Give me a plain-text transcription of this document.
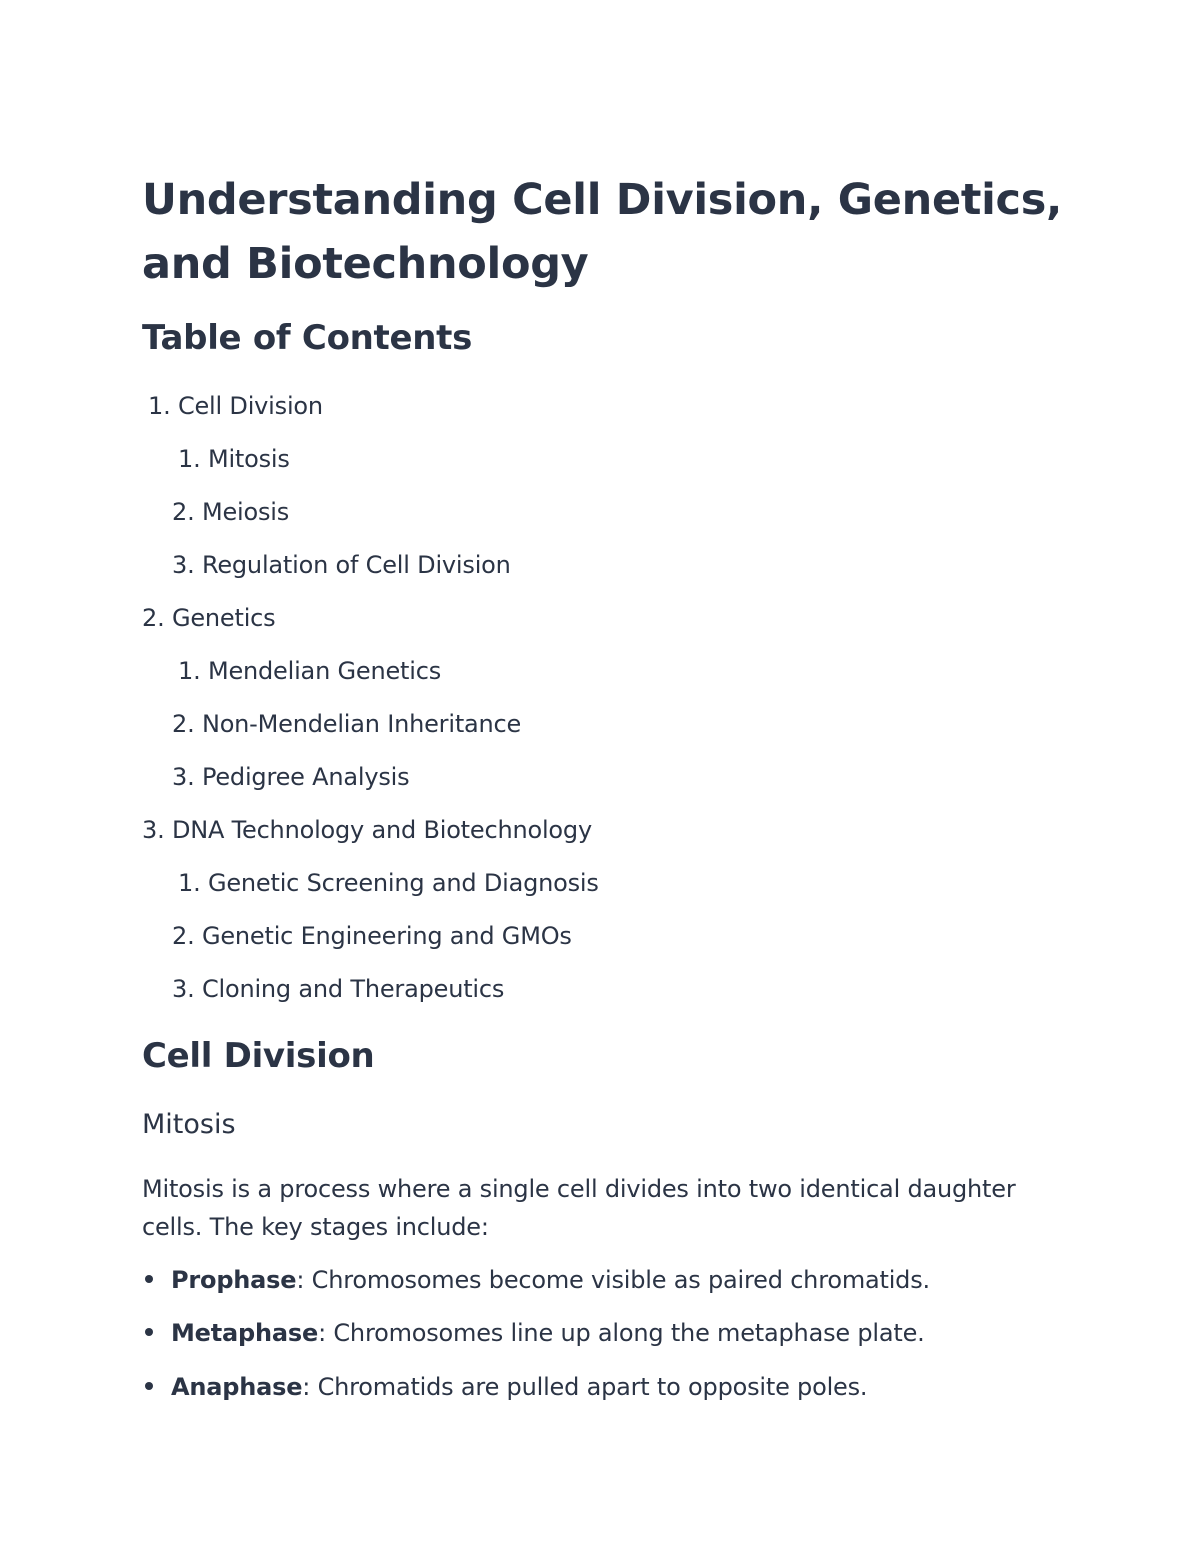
Understanding Cell Division, Genetics, and Biotechnology
Table of Contents
1. Cell Division
1. Mitosis
2. Meiosis
3. Regulation of Cell Division
2. Genetics
1. Mendelian Genetics
2. Non-Mendelian Inheritance
3. Pedigree Analysis
3. DNA Technology and Biotechnology
1. Genetic Screening and Diagnosis
2. Genetic Engineering and GMOs
3. Cloning and Therapeutics
Cell Division
Mitosis

Mitosis is a process where a single cell divides into two identical daughter cells. The key stages include:

Prophase: Chromosomes become visible as paired chromatids.
Metaphase: Chromosomes line up along the metaphase plate.
Anaphase: Chromatids are pulled apart to opposite poles.
